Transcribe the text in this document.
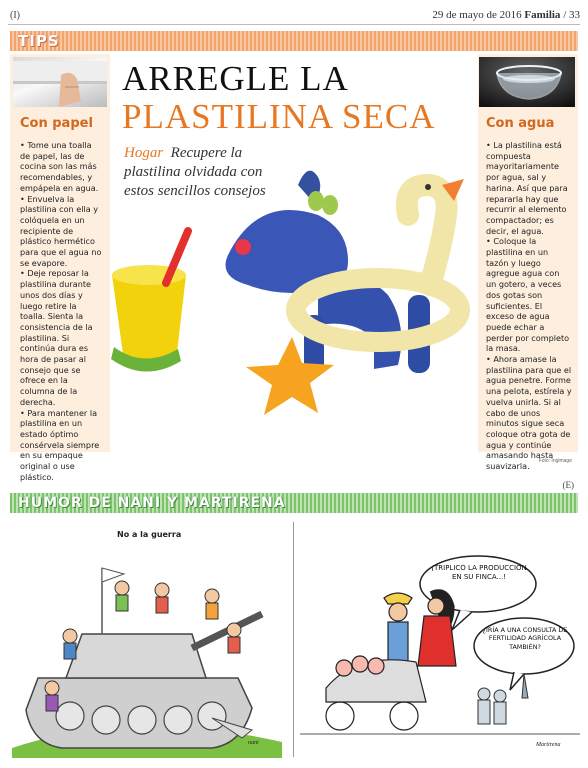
(I)	29 de mayo de 2016 Familia / 33
TIPS
Con papel

• Tome una toalla de papel, las de cocina son las más recomendables, y empápela en agua.

• Envuelva la plastilina con ella y colóquela en un recipiente de plástico hermético para que el agua no se evapore.

• Deje reposar la plastilina durante unos dos días y luego retire la toalla. Sienta la consistencia de la plastilina. Si continúa dura es hora de pasar al consejo que se ofrece en la columna de la derecha.

• Para mantener la plastilina en un estado óptimo consérvela siempre en su empaque original o use plástico.

Con agua

• La plastilina está compuesta mayoritariamente por agua, sal y harina. Así que para repararla hay que recurrir al elemento compactador; es decir, el agua.

• Coloque la plastilina en un tazón y luego agregue agua con un gotero, a veces dos gotas son suficientes. El exceso de agua puede echar a perder por completo la masa.

• Ahora amase la plastilina para que el agua penetre. Forme una pelota, estírela y vuelva unirla. Si al cabo de unos minutos sigue seca coloque otra gota de agua y continúe amasando hasta suavizarla.

ARREGLE LA
PLASTILINA SECA
Hogar Recupere la plastilina olvidada con estos sencillos consejos
Foto: Ingimage
(E)
HUMOR DE NANI Y MARTIRENA
No a la guerra
nani
¡TRIPLICÓ LA PRODUCCIÓN EN SU FINCA...!
¿IRÍA A UNA CONSULTA DE FERTILIDAD AGRÍCOLA TAMBIÉN?
Martirena
